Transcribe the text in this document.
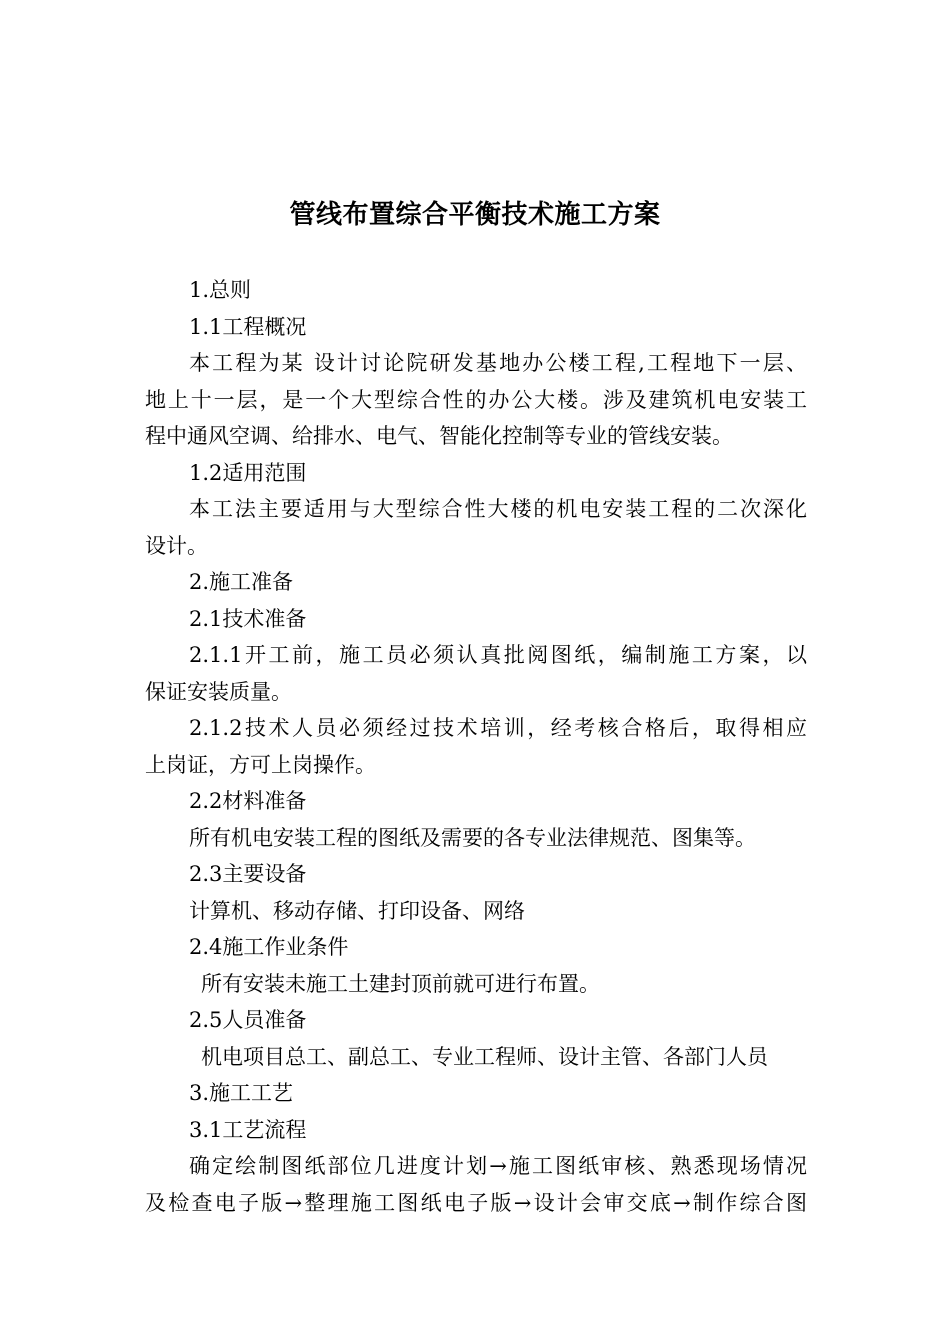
管线布置综合平衡技术施工方案
1.总则
1.1工程概况
本工程为某 设计讨论院研发基地办公楼工程,工程地下一层、
地上十一层，是一个大型综合性的办公大楼。涉及建筑机电安装工
程中通风空调、给排水、电气、智能化控制等专业的管线安装。
1.2适用范围
本工法主要适用与大型综合性大楼的机电安装工程的二次深化
设计。
2.施工准备
2.1技术准备
2.1.1开工前，施工员必须认真批阅图纸，编制施工方案，以
保证安装质量。
2.1.2技术人员必须经过技术培训，经考核合格后，取得相应
上岗证，方可上岗操作。
2.2材料准备
所有机电安装工程的图纸及需要的各专业法律规范、图集等。
2.3主要设备
计算机、移动存储、打印设备、网络
2.4施工作业条件
所有安装未施工土建封顶前就可进行布置。
2.5人员准备
机电项目总工、副总工、专业工程师、设计主管、各部门人员
3.施工工艺
3.1工艺流程
确定绘制图纸部位几进度计划→施工图纸审核、熟悉现场情况
及检查电子版→整理施工图纸电子版→设计会审交底→制作综合图
